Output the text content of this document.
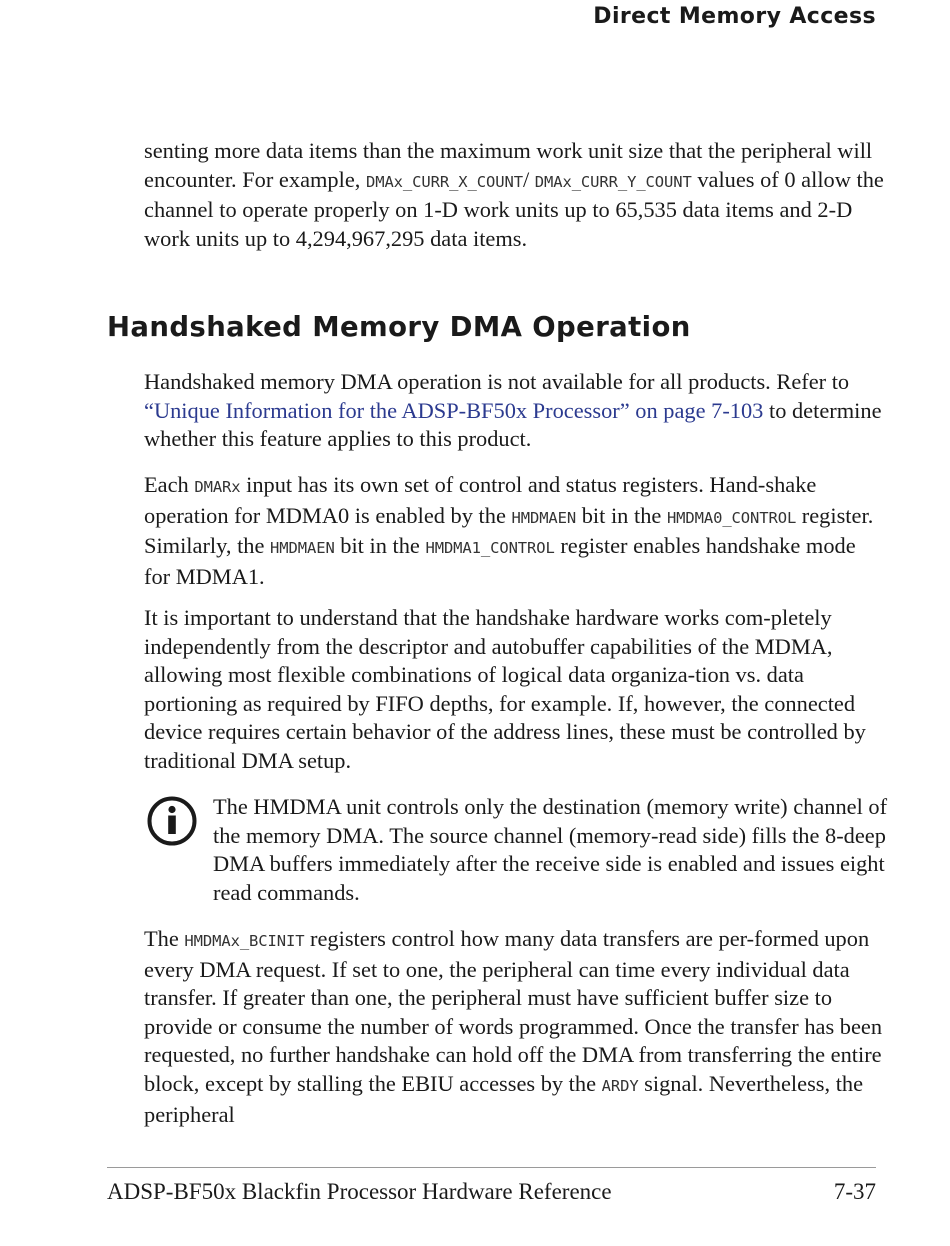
Direct Memory Access

senting more data items than the maximum work unit size that the peripheral will encounter. For example, DMAx_CURR_X_COUNT/ DMAx_CURR_Y_COUNT values of 0 allow the channel to operate properly on 1-D work units up to 65,535 data items and 2-D work units up to 4,294,967,295 data items.

Handshaked Memory DMA Operation

Handshaked memory DMA operation is not available for all products. Refer to “Unique Information for the ADSP-BF50x Processor” on page 7-103 to determine whether this feature applies to this product.

Each DMARx input has its own set of control and status registers. Hand-shake operation for MDMA0 is enabled by the HMDMAEN bit in the HMDMA0_CONTROL register. Similarly, the HMDMAEN bit in the HMDMA1_CONTROL register enables handshake mode for MDMA1.

It is important to understand that the handshake hardware works com-pletely independently from the descriptor and autobuffer capabilities of the MDMA, allowing most flexible combinations of logical data organiza-tion vs. data portioning as required by FIFO depths, for example. If, however, the connected device requires certain behavior of the address lines, these must be controlled by traditional DMA setup.

The HMDMA unit controls only the destination (memory write) channel of the memory DMA. The source channel (memory-read side) fills the 8-deep DMA buffers immediately after the receive side is enabled and issues eight read commands.

The HMDMAx_BCINIT registers control how many data transfers are per-formed upon every DMA request. If set to one, the peripheral can time every individual data transfer. If greater than one, the peripheral must have sufficient buffer size to provide or consume the number of words programmed. Once the transfer has been requested, no further handshake can hold off the DMA from transferring the entire block, except by stalling the EBIU accesses by the ARDY signal. Nevertheless, the peripheral

ADSP-BF50x Blackfin Processor Hardware Reference	7-37
